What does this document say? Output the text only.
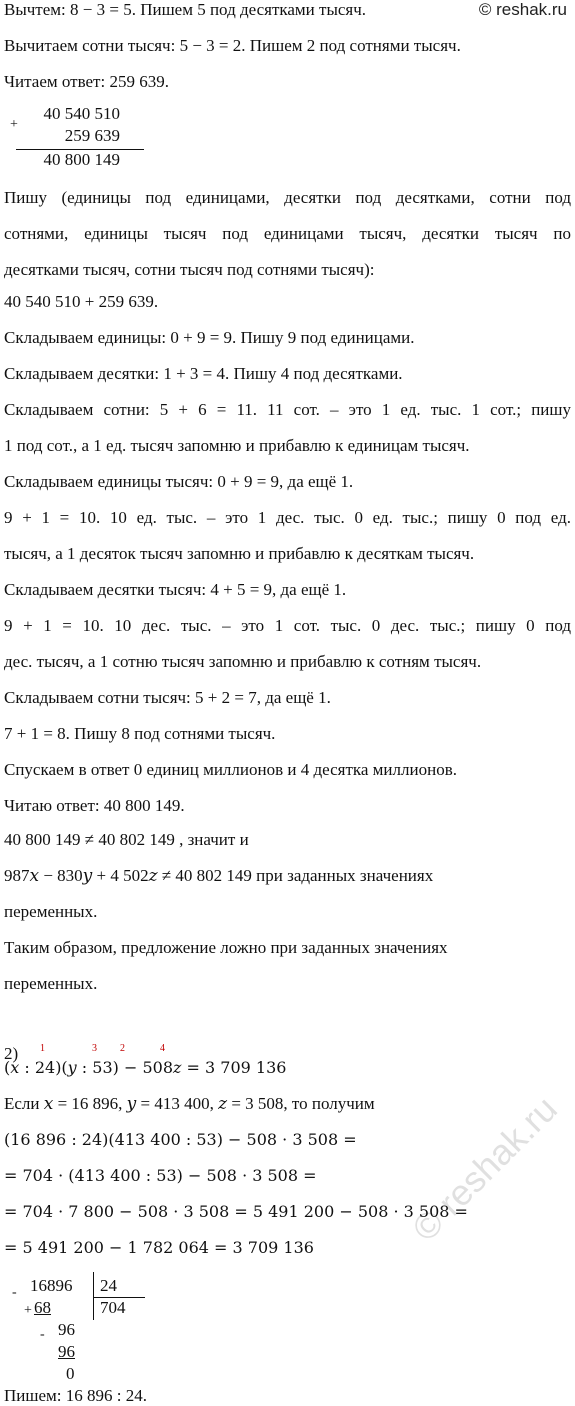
© reshak.ru
Вычтем: 8 − 3 = 5. Пишем 5 под десятками тысяч.
Вычитаем сотни тысяч: 5 − 3 = 2. Пишем 2 под сотнями тысяч.
Читаем ответ: 259 639.
+
40 540 510
259 639
40 800 149
Пишу (единицы под единицами, десятки под десятками, сотни под
сотнями, единицы тысяч под единицами тысяч, десятки тысяч по
десятками тысяч, сотни тысяч под сотнями тысяч):
40 540 510 + 259 639.
Складываем единицы: 0 + 9 = 9. Пишу 9 под единицами.
Складываем десятки: 1 + 3 = 4. Пишу 4 под десятками.
Складываем сотни: 5 + 6 = 11. 11 сот. – это 1 ед. тыс. 1 сот.; пишу
1 под сот., а 1 ед. тысяч запомню и прибавлю к единицам тысяч.
Складываем единицы тысяч: 0 + 9 = 9, да ещё 1.
9 + 1 = 10. 10 ед. тыс. – это 1 дес. тыс. 0 ед. тыс.; пишу 0 под ед.
тысяч, а 1 десяток тысяч запомню и прибавлю к десяткам тысяч.
Складываем десятки тысяч: 4 + 5 = 9, да ещё 1.
9 + 1 = 10. 10 дес. тыс. – это 1 сот. тыс. 0 дес. тыс.; пишу 0 под
дес. тысяч, а 1 сотню тысяч запомню и прибавлю к сотням тысяч.
Складываем сотни тысяч: 5 + 2 = 7, да ещё 1.
7 + 1 = 8. Пишу 8 под сотнями тысяч.
Спускаем в ответ 0 единиц миллионов и 4 десятка миллионов.
Читаю ответ: 40 800 149.
40 800 149 ≠ 40 802 149 , значит и
987𝑥 − 830𝑦 + 4 502𝑧 ≠ 40 802 149 при заданных значениях
переменных.
Таким образом, предложение ложно при заданных значениях
переменных.
2)	1	3 2	4
(𝑥 : 24)(𝑦 : 53) − 508𝑧 = 3 709 136
Если 𝑥 = 16 896, 𝑦 = 413 400, 𝑧 = 3 508, то получим
(16 896 : 24)(413 400 : 53) − 508 · 3 508 =
= 704 · (413 400 : 53) − 508 · 3 508 =
= 704 · 7 800 − 508 · 3 508 = 5 491 200 − 508 · 3 508 =
= 5 491 200 − 1 782 064 = 3 709 136
- 16896 24
704
+ 68
- 96
96
0
Пишем: 16 896 : 24.
© reshak.ru
